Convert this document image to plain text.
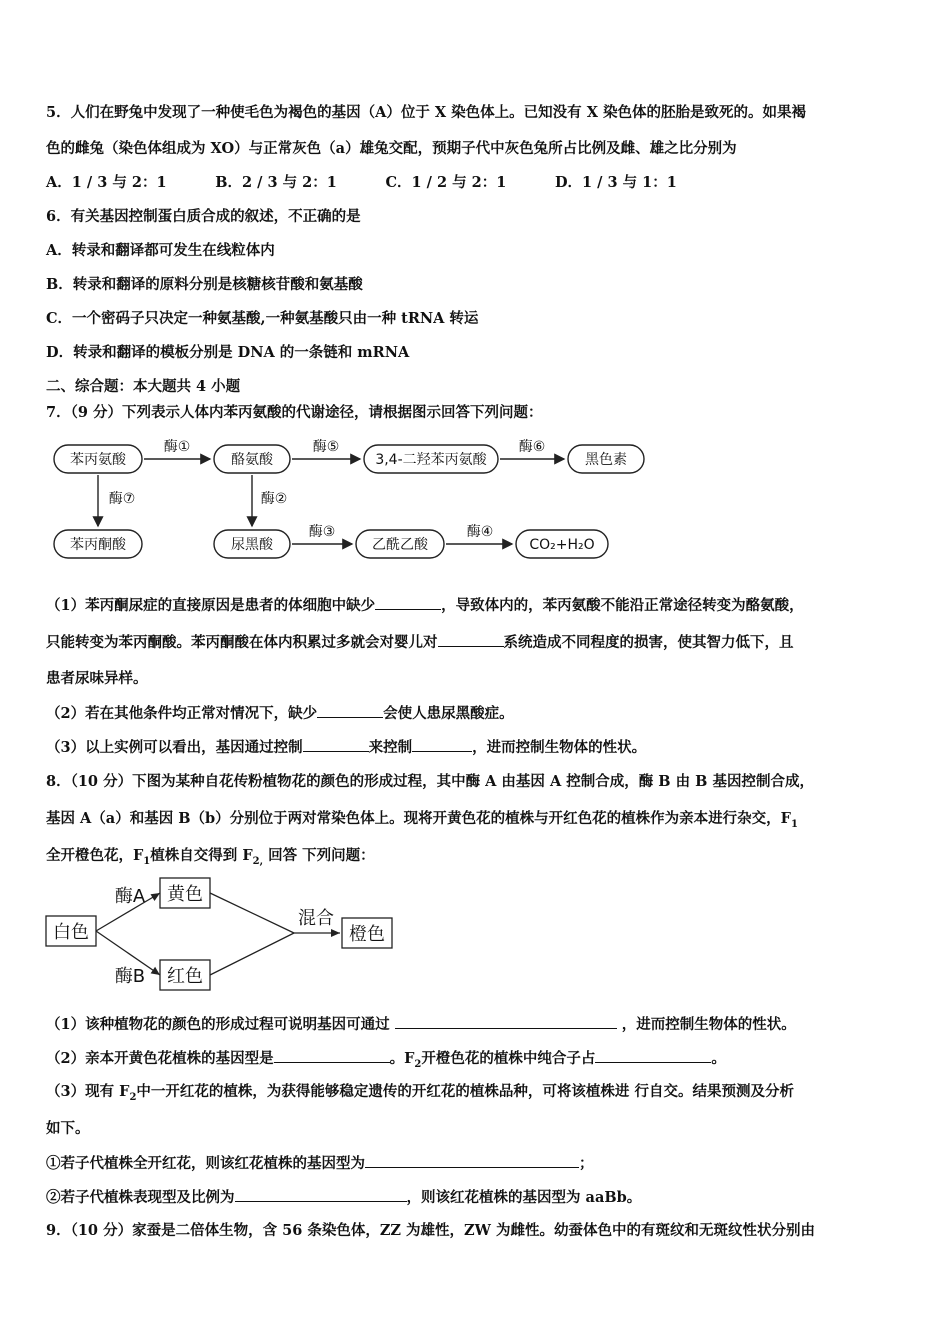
5．人们在野兔中发现了一种使毛色为褐色的基因（A）位于 X 染色体上。已知没有 X 染色体的胚胎是致死的。如果褐
色的雌兔（染色体组成为 XO）与正常灰色（a）雄兔交配，预期子代中灰色兔所占比例及雌、雄之比分别为
A．1 / 3 与 2：1	B．2 / 3 与 2：1	C．1 / 2 与 2：1	D．1 / 3 与 1：1
6．有关基因控制蛋白质合成的叙述，不正确的是
A．转录和翻译都可发生在线粒体内
B．转录和翻译的原料分别是核糖核苷酸和氨基酸
C．一个密码子只决定一种氨基酸,一种氨基酸只由一种 tRNA 转运
D．转录和翻译的模板分别是 DNA 的一条链和 mRNA
二、综合题：本大题共 4 小题
7．（9 分）下列表示人体内苯丙氨酸的代谢途径，请根据图示回答下列问题：
苯丙氨酸	酪氨酸	3,4-二羟苯丙氨酸	黑色素
苯丙酮酸	尿黑酸	乙酰乙酸	CO₂+H₂O
酶①	酶⑤	酶⑥
酶⑦	酶②
酶③	酶④
（1）苯丙酮尿症的直接原因是患者的体细胞中缺少	，导致体内的，苯丙氨酸不能沿正常途径转变为酪氨酸，
只能转变为苯丙酮酸。苯丙酮酸在体内积累过多就会对婴儿对	系统造成不同程度的损害，使其智力低下，且
患者尿味异样。
（2）若在其他条件均正常对情况下，缺少	会使人患尿黑酸症。
（3）以上实例可以看出，基因通过控制	来控制	，进而控制生物体的性状。
8．（10 分）下图为某种自花传粉植物花的颜色的形成过程，其中酶 A 由基因 A 控制合成，酶 B 由 B 基因控制合成，
基因 A（a）和基因 B（b）分别位于两对常染色体上。现将开黄色花的植株与开红色花的植株作为亲本进行杂交，$F_1$
全开橙色花，$F_1$植株自交得到 $F_{2,}$ 回答 下列问题：
白色
黄色
红色
橙色
酶A
酶B
混合
（1）该种植物花的颜色的形成过程可说明基因可通过	，进而控制生物体的性状。
（2）亲本开黄色花植株的基因型是	。$F_2$开橙色花的植株中纯合子占	。
（3）现有 $F_2$中一开红花的植株，为获得能够稳定遗传的开红花的植株品种，可将该植株进 行自交。结果预测及分析
如下。
①若子代植株全开红花，则该红花植株的基因型为	；
②若子代植株表现型及比例为	，则该红花植株的基因型为 aaBb。
9．（10 分）家蚕是二倍体生物，含 56 条染色体，ZZ 为雄性，ZW 为雌性。幼蚕体色中的有斑纹和无斑纹性状分别由
